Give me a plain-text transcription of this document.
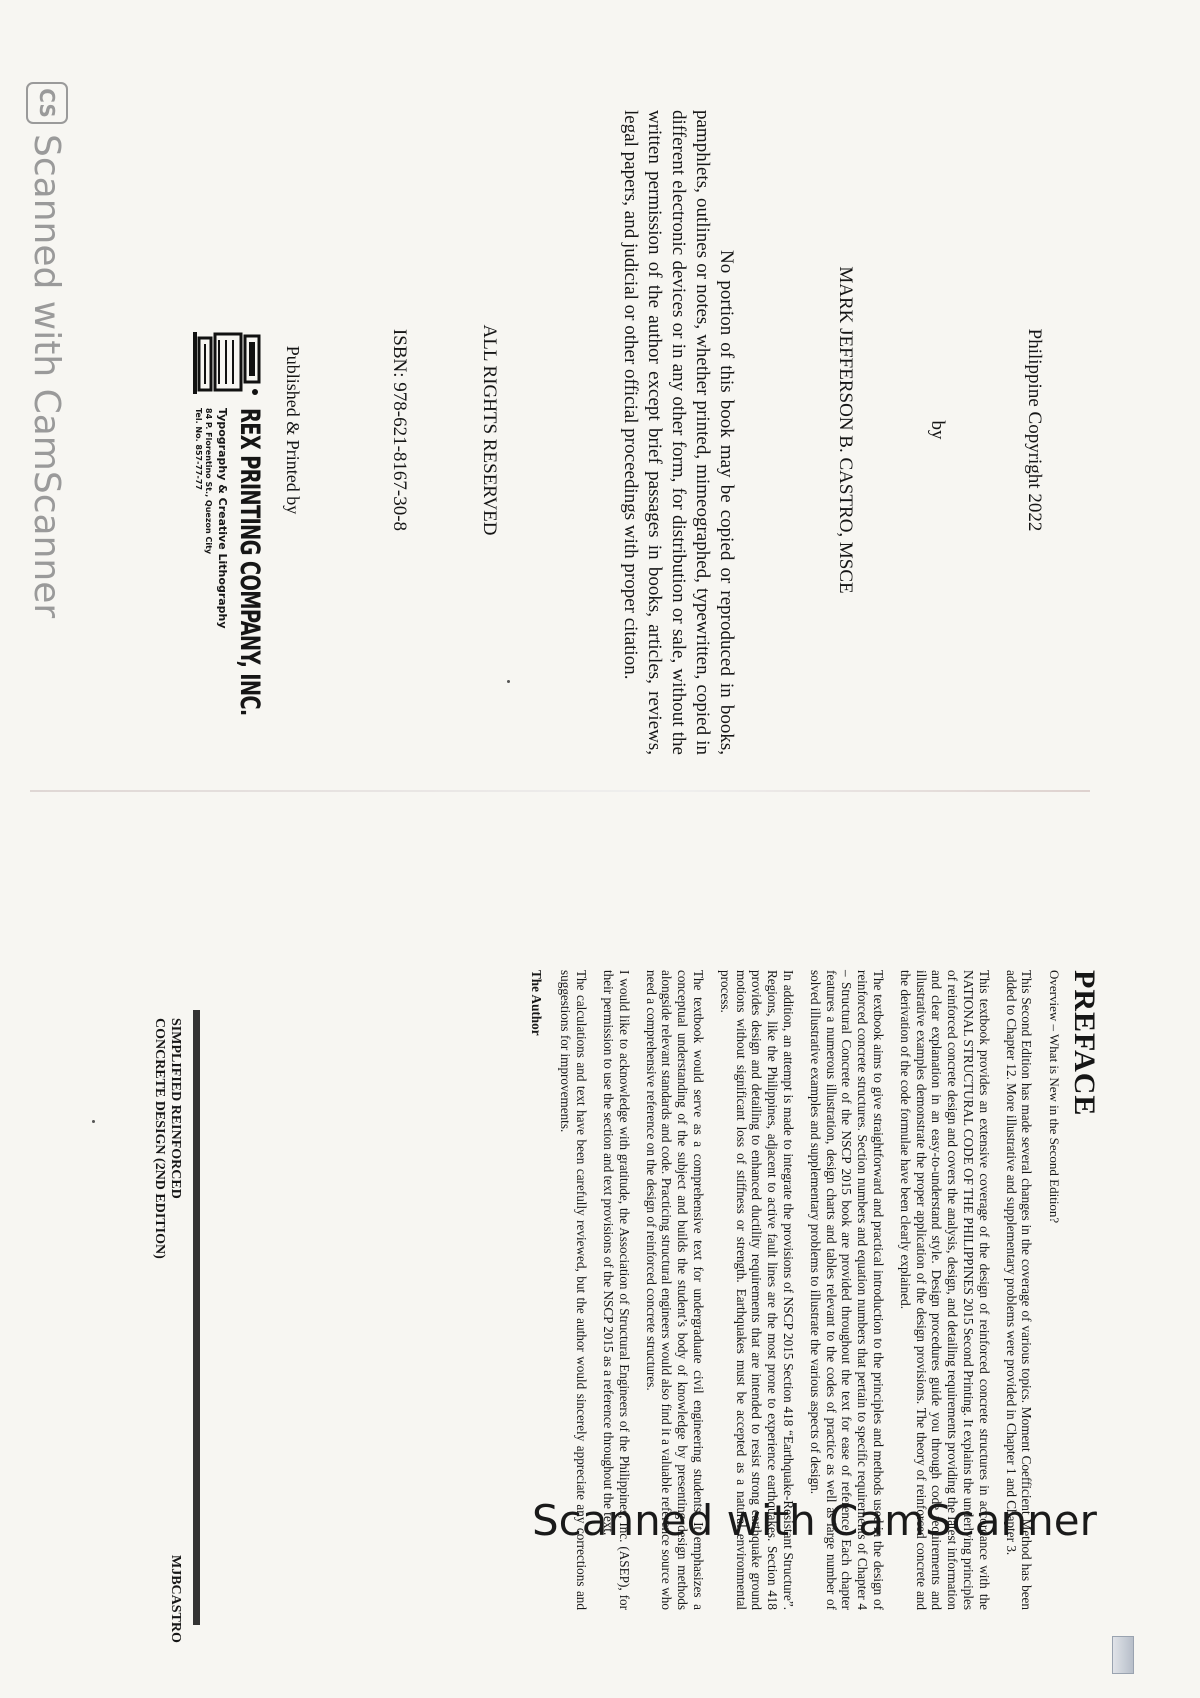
Philippine Copyright 2022
by
MARK JEFFERSON B. CASTRO, MSCE
No portion of this book may be copied or reproduced in books, pamphlets, outlines or notes, whether printed, mimeographed, typewritten, copied in different electronic devices or in any other form, for distribution or sale, without the written permission of the author except brief passages in books, articles, reviews, legal papers, and judicial or other official proceedings with proper citation.
ALL RIGHTS RESERVED
ISBN: 978-621-8167-30-8
Published & Printed by
REX PRINTING COMPANY, INC.
Typography & Creative Lithography
84 P. Florentino St., Quezon City
Tel. No. 857-77-77
CS
Scanned with CamScanner
PREFACE
Overview – What is New in the Second Edition?

This Second Edition has made several changes in the coverage of various topics. Moment Coefficient Method has been added to Chapter 12. More illustrative and supplementary problems were provided in Chapter 1 and Chapter 3.

This textbook provides an extensive coverage of the design of reinforced concrete structures in accordance with the NATIONAL STRUCTURAL CODE OF THE PHILIPPINES 2015 Second Printing. It explains the underlying principles of reinforced concrete design and covers the analysis, design, and detailing requirements providing the latest information and clear explanation in an easy-to-understand style. Design procedures guide you through code requirements and illustrative examples demonstrate the proper application of the design provisions. The theory of reinforced concrete and the derivation of the code formulae have been clearly explained.

The textbook aims to give straightforward and practical introduction to the principles and methods used in the design of reinforced concrete structures. Section numbers and equation numbers that pertain to specific requirements of Chapter 4 – Structural Concrete of the NSCP 2015 book are provided throughout the text for ease of reference. Each chapter features a numerous illustration, design charts and tables relevant to the codes of practice as well as large number of solved illustrative examples and supplementary problems to illustrate the various aspects of design.

In addition, an attempt is made to integrate the provisions of NSCP 2015 Section 418 “Earthquake-Resistant Structure”. Regions, like the Philippines, adjacent to active fault lines are the most prone to experience earthquakes. Section 418 provides design and detailing to enhanced ductility requirements that are intended to resist strong earthquake ground motions without significant loss of stiffness or strength. Earthquakes must be accepted as a natural environmental process.

The textbook would serve as a comprehensive text for undergraduate civil engineering students. It emphasizes a conceptual understanding of the subject and builds the student’s body of knowledge by presenting design methods alongside relevant standards and code. Practicing structural engineers would also find it a valuable reference source who need a comprehensive reference on the design of reinforced concrete structures.

I would like to acknowledge with gratitude, the Association of Structural Engineers of the Philippines, Inc. (ASEP), for their permission to use the section and text provisions of the NSCP 2015 as a reference throughout the text.

The calculations and text have been carefully reviewed, but the author would sincerely appreciate any corrections and suggestions for improvements.

The Author

SIMPLIFIED REINFORCED
CONCRETE DESIGN (2ND EDITION)
MJBCASTRO
Scanned with CamScanner
